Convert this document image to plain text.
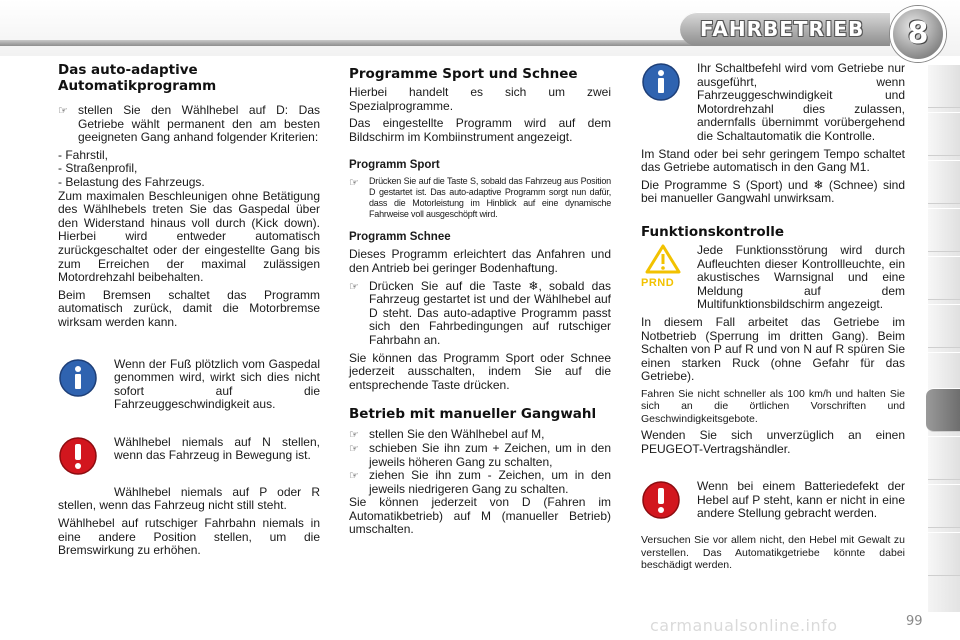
FAHRBETRIEB	8
Das auto-adaptive Automatikprogramm
☞ stellen Sie den Wählhebel auf D: Das Getriebe wählt permanent den am besten geeigneten Gang anhand folgender Kriterien:

- Fahrstil,

- Straßenprofil,

- Belastung des Fahrzeugs.

Zum maximalen Beschleunigen ohne Betätigung des Wählhebels treten Sie das Gaspedal über den Widerstand hinaus voll durch (Kick down). Hierbei wird entweder automatisch zurückgeschaltet oder der eingestellte Gang bis zum Erreichen der maximal zulässigen Motordrehzahl beibehalten.

Beim Bremsen schaltet das Programm automatisch zurück, damit die Motorbremse wirksam werden kann.

Wenn der Fuß plötzlich vom Gaspedal genommen wird, wirkt sich dies nicht sofort auf die Fahrzeuggeschwindigkeit aus.

Wählhebel niemals auf N stellen, wenn das Fahrzeug in Bewegung ist.

Wählhebel niemals auf P oder R stellen, wenn das Fahrzeug nicht still steht.

Wählhebel auf rutschiger Fahrbahn niemals in eine andere Position stellen, um die Bremswirkung zu erhöhen.

Programme Sport und Schnee

Hierbei handelt es sich um zwei Spezialprogramme.

Das eingestellte Programm wird auf dem Bildschirm im Kombiinstrument angezeigt.

Programm Sport
☞	Drücken Sie auf die Taste S, sobald das Fahrzeug aus Position D gestartet ist. Das auto-adaptive Programm sorgt nun dafür, dass die Motorleistung im Hinblick auf eine dynamische Fahrweise voll ausgeschöpft wird.

Programm Schnee

Dieses Programm erleichtert das Anfahren und den Antrieb bei geringer Bodenhaftung.

☞ Drücken Sie auf die Taste ❄, sobald das Fahrzeug gestartet ist und der Wählhebel auf D steht. Das auto-adaptive Programm passt sich den Fahrbedingungen auf rutschiger Fahrbahn an.

Sie können das Programm Sport oder Schnee jederzeit ausschalten, indem Sie auf die entsprechende Taste drücken.

Betrieb mit manueller Gangwahl
☞ stellen Sie den Wählhebel auf M,

☞ schieben Sie ihn zum + Zeichen, um in den jeweils höheren Gang zu schalten,

☞ ziehen Sie ihn zum - Zeichen, um in den jeweils niedrigeren Gang zu schalten.

Sie können jederzeit von D (Fahren im Automatikbetrieb) auf M (manueller Betrieb) umschalten.

Ihr Schaltbefehl wird vom Getriebe nur ausgeführt, wenn Fahrzeuggeschwindigkeit und Motordrehzahl dies zulassen, andernfalls übernimmt vorübergehend die Schaltautomatik die Kontrolle.

Im Stand oder bei sehr geringem Tempo schaltet das Getriebe automatisch in den Gang M1.

Die Programme S (Sport) und ❄ (Schnee) sind bei manueller Gangwahl unwirksam.

Funktionskontrolle
PRND

Jede Funktionsstörung wird durch Aufleuchten dieser Kontrollleuchte, ein akustisches Warnsignal und eine Meldung auf dem Multifunktionsbildschirm angezeigt.

In diesem Fall arbeitet das Getriebe im Notbetrieb (Sperrung im dritten Gang). Beim Schalten von P auf R und von N auf R spüren Sie einen starken Ruck (ohne Gefahr für das Getriebe).

Fahren Sie nicht schneller als 100 km/h und halten Sie sich an die örtlichen Vorschriften und Geschwindigkeitsgebote.

Wenden Sie sich unverzüglich an einen PEUGEOT-Vertragshändler.

Wenn bei einem Batteriedefekt der Hebel auf P steht, kann er nicht in eine andere Stellung gebracht werden.

Versuchen Sie vor allem nicht, den Hebel mit Gewalt zu verstellen. Das Automatikgetriebe könnte dabei beschädigt werden.

carmanualsonline.info	99
